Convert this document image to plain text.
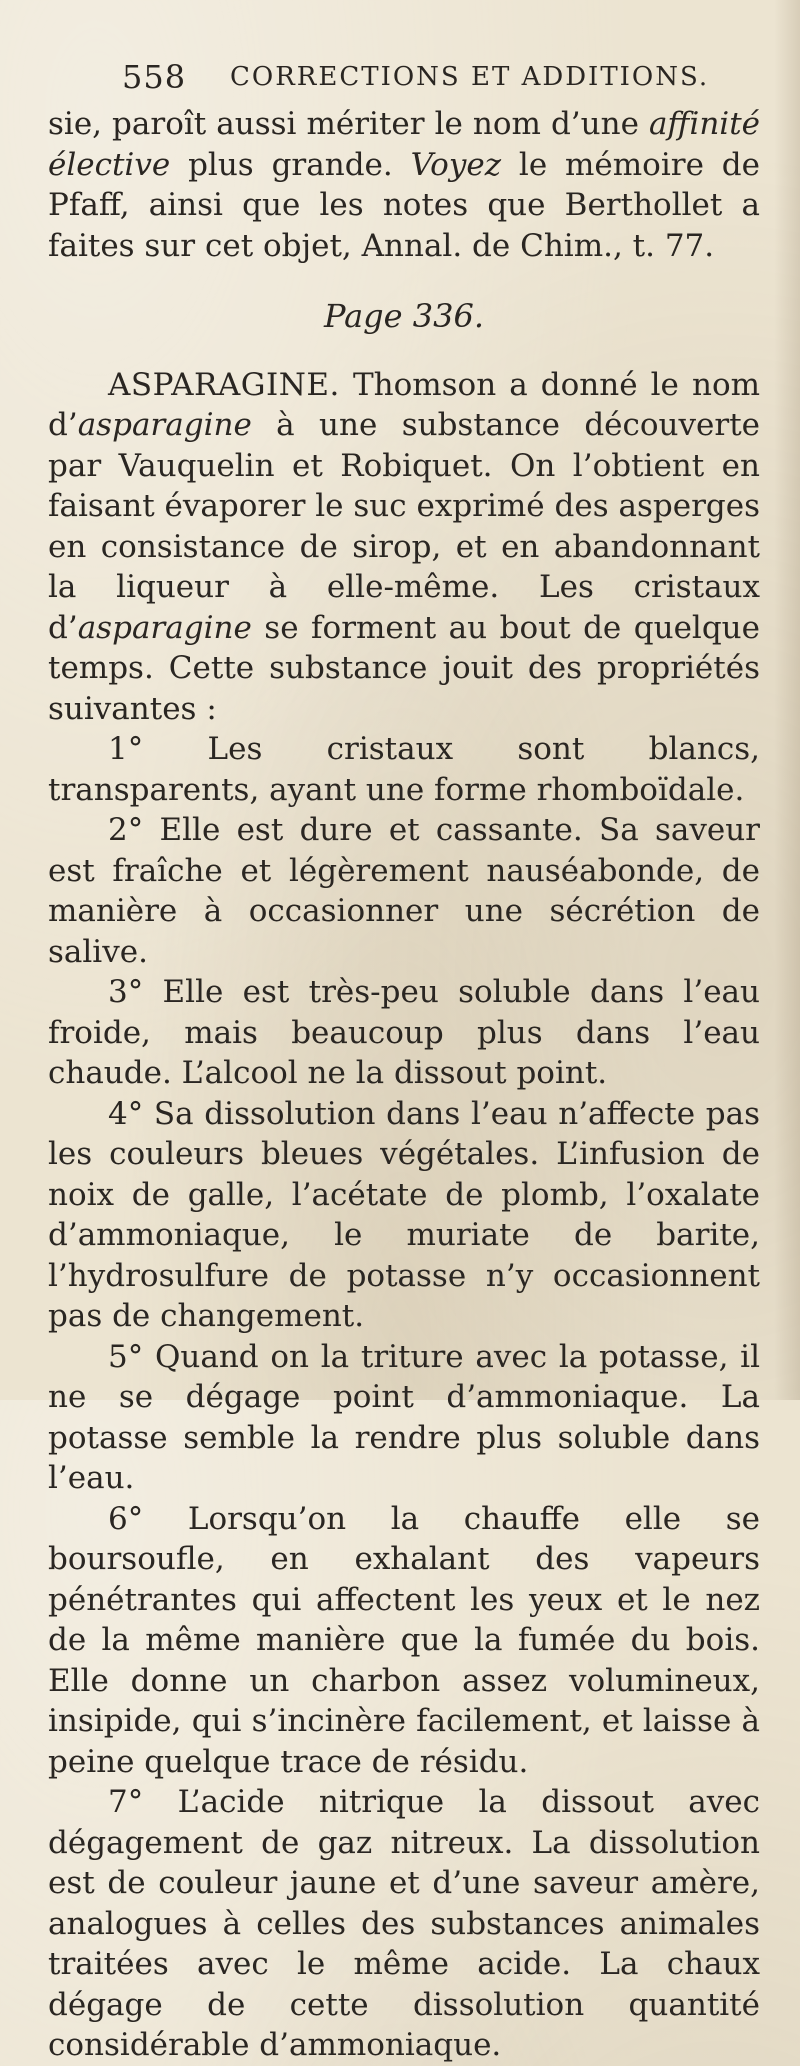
558 CORRECTIONS ET ADDITIONS.

sie, paroît aussi mériter le nom d’une affinité élective plus grande. Voyez le mémoire de Pfaff, ainsi que les notes que Berthollet a faites sur cet objet, Annal. de Chim., t. 77.

Page 336.

ASPARAGINE. Thomson a donné le nom d’asparagine à une substance découverte par Vauquelin et Robiquet. On l’obtient en faisant évaporer le suc exprimé des asperges en consistance de sirop, et en abandonnant la liqueur à elle-même. Les cristaux d’asparagine se forment au bout de quelque temps. Cette substance jouit des propriétés suivantes :

1° Les cristaux sont blancs, transparents, ayant une forme rhomboïdale.

2° Elle est dure et cassante. Sa saveur est fraîche et légèrement nauséabonde, de manière à occasionner une sécrétion de salive.

3° Elle est très-peu soluble dans l’eau froide, mais beaucoup plus dans l’eau chaude. L’alcool ne la dissout point.

4° Sa dissolution dans l’eau n’affecte pas les couleurs bleues végétales. L’infusion de noix de galle, l’acétate de plomb, l’oxalate d’ammoniaque, le muriate de barite, l’hydrosulfure de potasse n’y occasionnent pas de changement.

5° Quand on la triture avec la potasse, il ne se dégage point d’ammoniaque. La potasse semble la rendre plus soluble dans l’eau.

6° Lorsqu’on la chauffe elle se boursoufle, en exhalant des vapeurs pénétrantes qui affectent les yeux et le nez de la même manière que la fumée du bois. Elle donne un charbon assez volumineux, insipide, qui s’incinère facilement, et laisse à peine quelque trace de résidu.

7° L’acide nitrique la dissout avec dégagement de gaz nitreux. La dissolution est de couleur jaune et d’une saveur amère, analogues à celles des substances animales traitées avec le même acide. La chaux dégage de cette dissolution quantité considérable d’ammoniaque.
